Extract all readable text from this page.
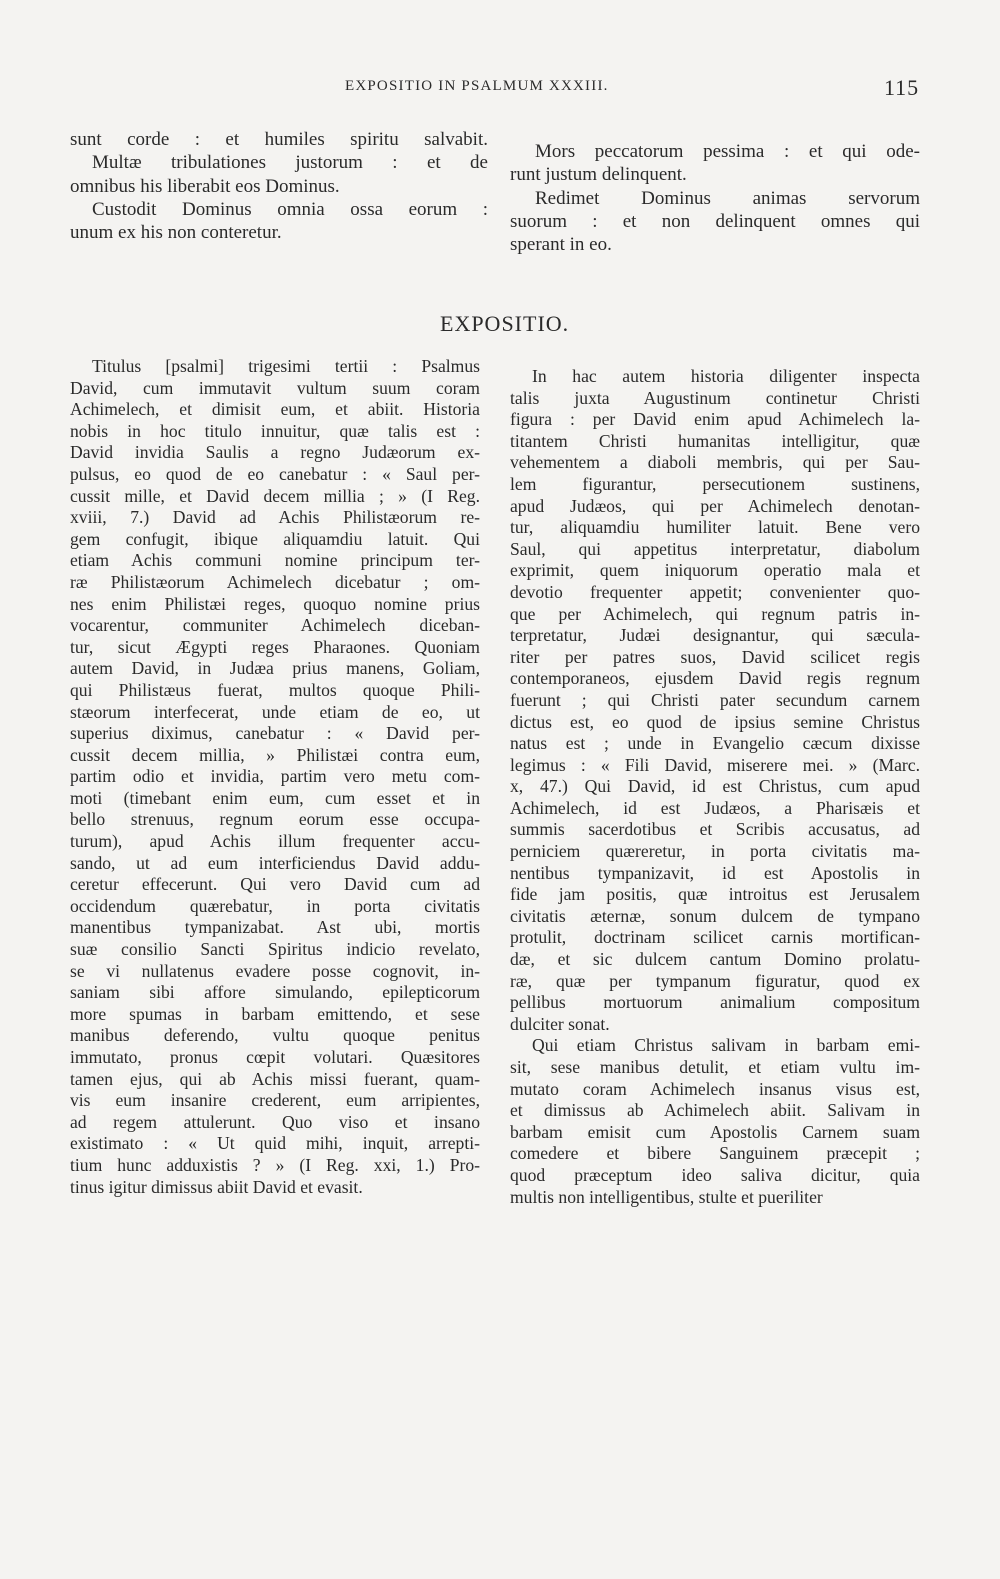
EXPOSITIO IN PSALMUM XXXIII.	115

sunt corde : et humiles spiritu salvabit.

Multæ tribulationes justorum : et de

omnibus his liberabit eos Dominus.

Custodit Dominus omnia ossa eorum :

unum ex his non conteretur.

Mors peccatorum pessima : et qui ode-

runt justum delinquent.

Redimet Dominus animas servorum

suorum : et non delinquent omnes qui

sperant in eo.

EXPOSITIO.

Titulus [psalmi] trigesimi tertii : Psalmus

David, cum immutavit vultum suum coram

Achimelech, et dimisit eum, et abiit. Historia

nobis in hoc titulo innuitur, quæ talis est :

David invidia Saulis a regno Judæorum ex-

pulsus, eo quod de eo canebatur : « Saul per-

cussit mille, et David decem millia ; » (I Reg.

xviii, 7.) David ad Achis Philistæorum re-

gem confugit, ibique aliquamdiu latuit. Qui

etiam Achis communi nomine principum ter-

ræ Philistæorum Achimelech dicebatur ; om-

nes enim Philistæi reges, quoquo nomine prius

vocarentur, communiter Achimelech diceban-

tur, sicut Ægypti reges Pharaones. Quoniam

autem David, in Judæa prius manens, Goliam,

qui Philistæus fuerat, multos quoque Phili-

stæorum interfecerat, unde etiam de eo, ut

superius diximus, canebatur : « David per-

cussit decem millia, » Philistæi contra eum,

partim odio et invidia, partim vero metu com-

moti (timebant enim eum, cum esset et in

bello strenuus, regnum eorum esse occupa-

turum), apud Achis illum frequenter accu-

sando, ut ad eum interficiendus David addu-

ceretur effecerunt. Qui vero David cum ad

occidendum quærebatur, in porta civitatis

manentibus tympanizabat. Ast ubi, mortis

suæ consilio Sancti Spiritus indicio revelato,

se vi nullatenus evadere posse cognovit, in-

saniam sibi affore simulando, epilepticorum

more spumas in barbam emittendo, et sese

manibus deferendo, vultu quoque penitus

immutato, pronus cœpit volutari. Quæsitores

tamen ejus, qui ab Achis missi fuerant, quam-

vis eum insanire crederent, eum arripientes,

ad regem attulerunt. Quo viso et insano

existimato : « Ut quid mihi, inquit, arrepti-

tium hunc adduxistis ? » (I Reg. xxi, 1.) Pro-

tinus igitur dimissus abiit David et evasit.

In hac autem historia diligenter inspecta

talis juxta Augustinum continetur Christi

figura : per David enim apud Achimelech la-

titantem Christi humanitas intelligitur, quæ

vehementem a diaboli membris, qui per Sau-

lem figurantur, persecutionem sustinens,

apud Judæos, qui per Achimelech denotan-

tur, aliquamdiu humiliter latuit. Bene vero

Saul, qui appetitus interpretatur, diabolum

exprimit, quem iniquorum operatio mala et

devotio frequenter appetit; convenienter quo-

que per Achimelech, qui regnum patris in-

terpretatur, Judæi designantur, qui sæcula-

riter per patres suos, David scilicet regis

contemporaneos, ejusdem David regis regnum

fuerunt ; qui Christi pater secundum carnem

dictus est, eo quod de ipsius semine Christus

natus est ; unde in Evangelio cæcum dixisse

legimus : « Fili David, miserere mei. » (Marc.

x, 47.) Qui David, id est Christus, cum apud

Achimelech, id est Judæos, a Pharisæis et

summis sacerdotibus et Scribis accusatus, ad

perniciem quæreretur, in porta civitatis ma-

nentibus tympanizavit, id est Apostolis in

fide jam positis, quæ introitus est Jerusalem

civitatis æternæ, sonum dulcem de tympano

protulit, doctrinam scilicet carnis mortifican-

dæ, et sic dulcem cantum Domino prolatu-

ræ, quæ per tympanum figuratur, quod ex

pellibus mortuorum animalium compositum

dulciter sonat.

Qui etiam Christus salivam in barbam emi-

sit, sese manibus detulit, et etiam vultu im-

mutato coram Achimelech insanus visus est,

et dimissus ab Achimelech abiit. Salivam in

barbam emisit cum Apostolis Carnem suam

comedere et bibere Sanguinem præcepit ;

quod præceptum ideo saliva dicitur, quia

multis non intelligentibus, stulte et pueriliter
